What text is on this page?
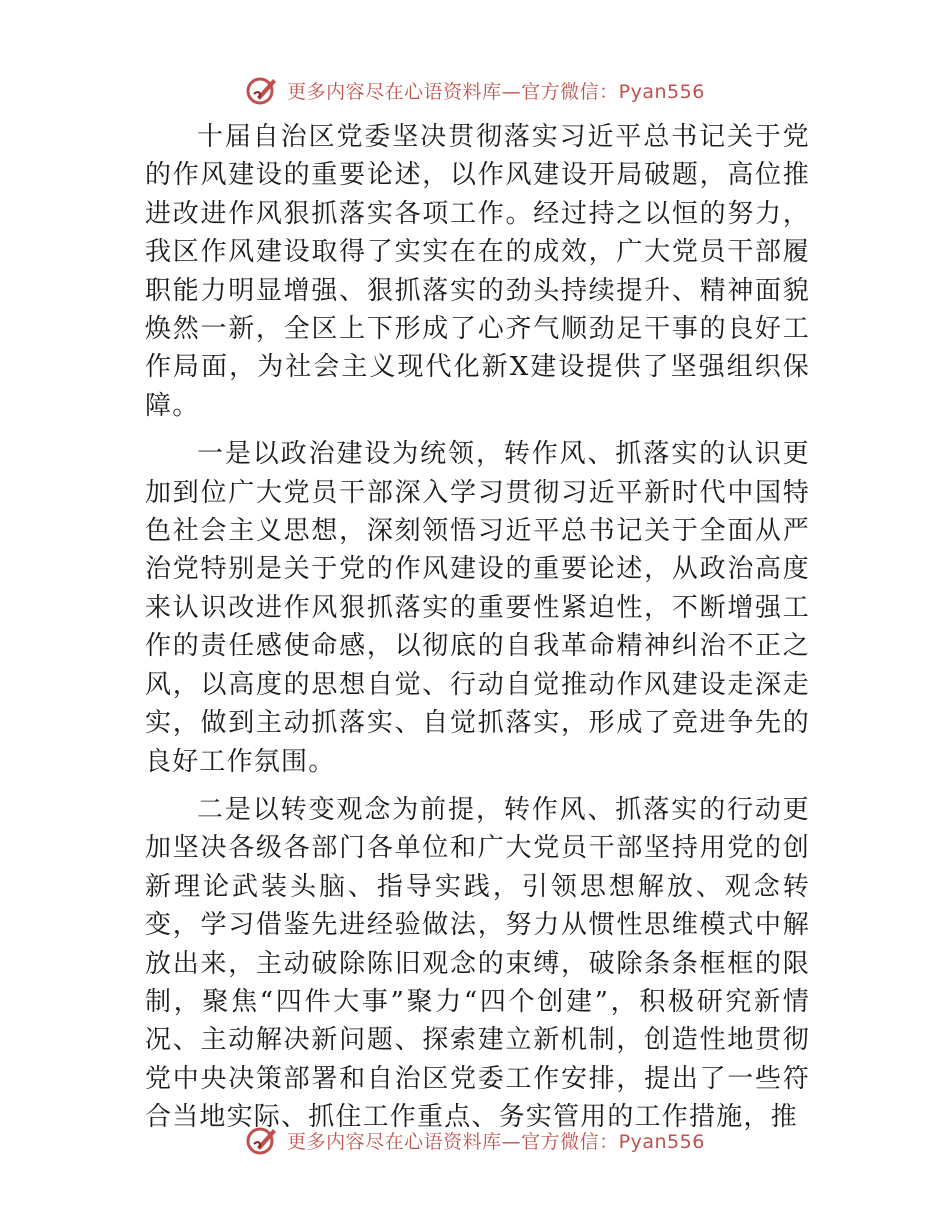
更多内容尽在心语资料库—官方微信：Pyan556

十届自治区党委坚决贯彻落实习近平总书记关于党的作风建设的重要论述，以作风建设开局破题，高位推进改进作风狠抓落实各项工作。经过持之以恒的努力，我区作风建设取得了实实在在的成效，广大党员干部履职能力明显增强、狠抓落实的劲头持续提升、精神面貌焕然一新，全区上下形成了心齐气顺劲足干事的良好工作局面，为社会主义现代化新X建设提供了坚强组织保障。

一是以政治建设为统领，转作风、抓落实的认识更加到位广大党员干部深入学习贯彻习近平新时代中国特色社会主义思想，深刻领悟习近平总书记关于全面从严治党特别是关于党的作风建设的重要论述，从政治高度来认识改进作风狠抓落实的重要性紧迫性，不断增强工作的责任感使命感，以彻底的自我革命精神纠治不正之风，以高度的思想自觉、行动自觉推动作风建设走深走实，做到主动抓落实、自觉抓落实，形成了竞进争先的良好工作氛围。

二是以转变观念为前提，转作风、抓落实的行动更加坚决各级各部门各单位和广大党员干部坚持用党的创新理论武装头脑、指导实践，引领思想解放、观念转变，学习借鉴先进经验做法，努力从惯性思维模式中解放出来，主动破除陈旧观念的束缚，破除条条框框的限制，聚焦“四件大事”聚力“四个创建”，积极研究新情况、主动解决新问题、探索建立新机制，创造性地贯彻党中央决策部署和自治区党委工作安排，提出了一些符合当地实际、抓住工作重点、务实管用的工作措施，推

更多内容尽在心语资料库—官方微信：Pyan556
